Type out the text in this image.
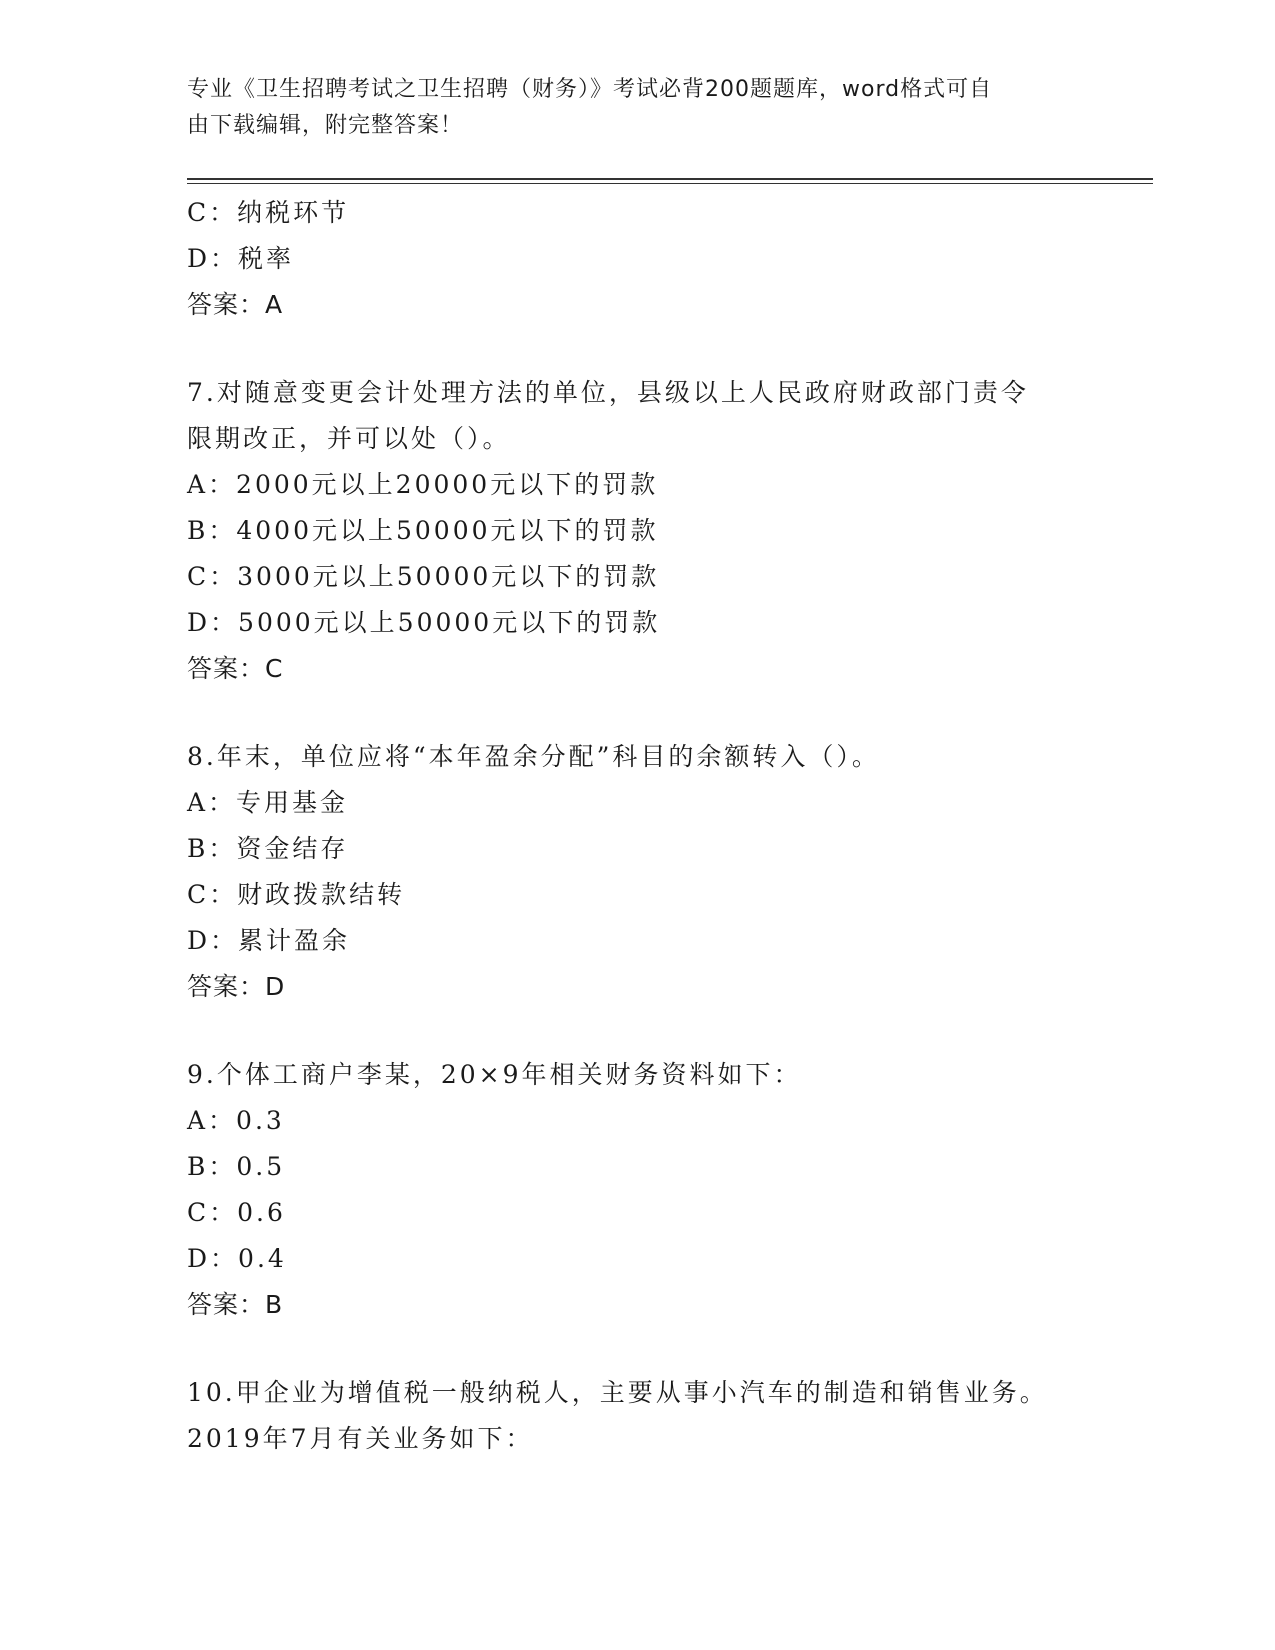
专业《卫生招聘考试之卫生招聘（财务）》考试必背200题题库，word格式可自
由下载编辑，附完整答案！
C：纳税环节
D：税率
答案：A
7.对随意变更会计处理方法的单位，县级以上人民政府财政部门责令
限期改正，并可以处（）。
A：2000元以上20000元以下的罚款
B：4000元以上50000元以下的罚款
C：3000元以上50000元以下的罚款
D：5000元以上50000元以下的罚款
答案：C
8.年末，单位应将“本年盈余分配”科目的余额转入（）。
A：专用基金
B：资金结存
C：财政拨款结转
D：累计盈余
答案：D
9.个体工商户李某，20×9年相关财务资料如下：
A：0.3
B：0.5
C：0.6
D：0.4
答案：B
10.甲企业为增值税一般纳税人，主要从事小汽车的制造和销售业务。
2019年7月有关业务如下：
